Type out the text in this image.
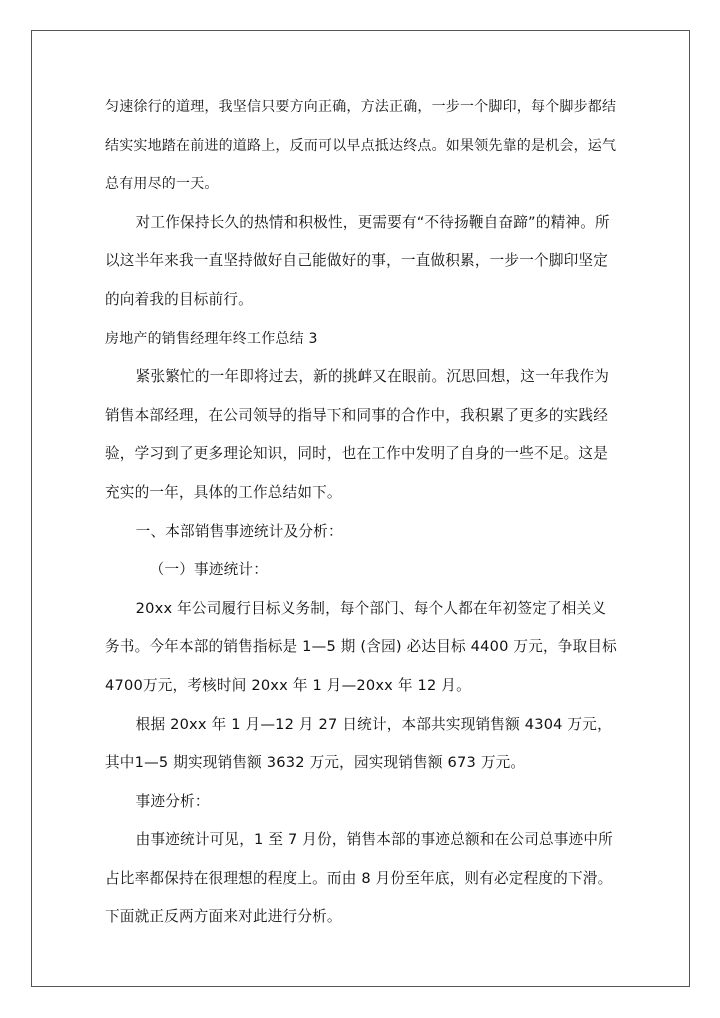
匀速徐行的道理，我坚信只要方向正确，方法正确，一步一个脚印，每个脚步都结结实实地踏在前进的道路上，反而可以早点抵达终点。如果领先靠的是机会，运气总有用尽的一天。

对工作保持长久的热情和积极性，更需要有“不待扬鞭自奋蹄”的精神。所以这半年来我一直坚持做好自己能做好的事，一直做积累，一步一个脚印坚定的向着我的目标前行。

房地产的销售经理年终工作总结 3

紧张繁忙的一年即将过去，新的挑衅又在眼前。沉思回想，这一年我作为销售本部经理，在公司领导的指导下和同事的合作中，我积累了更多的实践经验，学习到了更多理论知识，同时，也在工作中发明了自身的一些不足。这是充实的一年，具体的工作总结如下。

一、本部销售事迹统计及分析：

（一）事迹统计：

20xx 年公司履行目标义务制，每个部门、每个人都在年初签定了相关义务书。今年本部的销售指标是 1—5 期 (含园) 必达目标 4400 万元，争取目标 4700万元，考核时间 20xx 年 1 月—20xx 年 12 月。

根据 20xx 年 1 月—12 月 27 日统计，本部共实现销售额 4304 万元，其中1—5 期实现销售额 3632 万元，园实现销售额 673 万元。

事迹分析：

由事迹统计可见，1 至 7 月份，销售本部的事迹总额和在公司总事迹中所占比率都保持在很理想的程度上。而由 8 月份至年底，则有必定程度的下滑。下面就正反两方面来对此进行分析。
